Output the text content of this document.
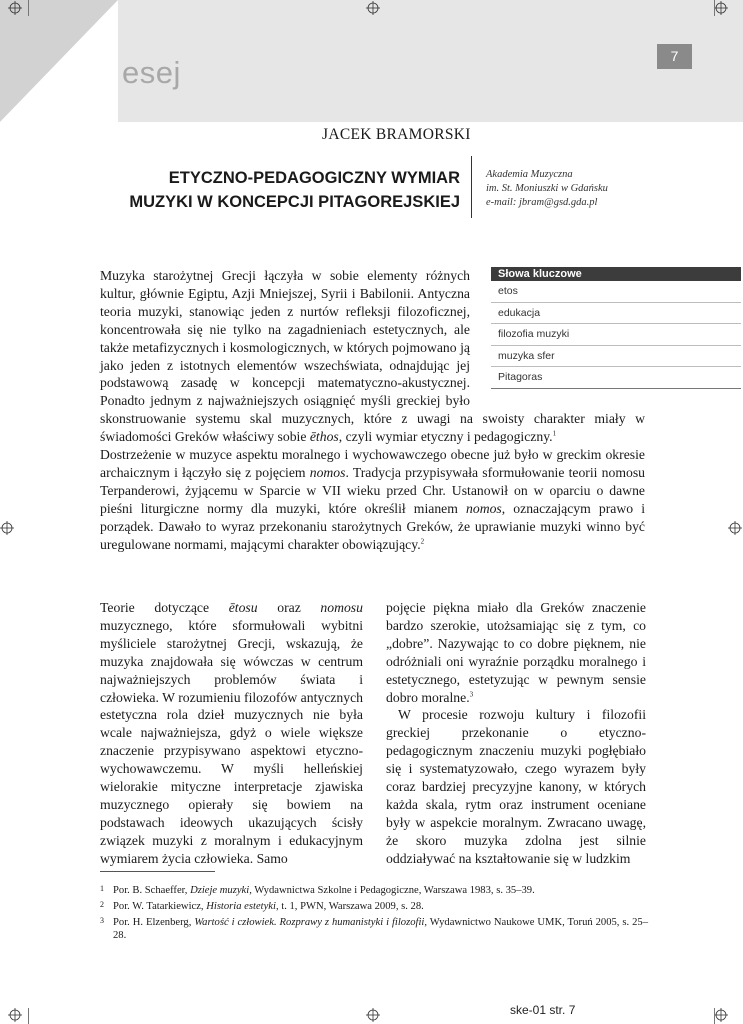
esej	7
JACEK BRAMORSKI
ETYCZNO-PEDAGOGICZNY WYMIAR
MUZYKI W KONCEPCJI PITAGOREJSKIEJ
Akademia Muzyczna
im. St. Moniuszki w Gdańsku
e-mail: jbram@gsd.gda.pl
Słowa kluczowe
etos
edukacja
filozofia muzyki
muzyka sfer
Pitagoras

Muzyka starożytnej Grecji łączyła w sobie elementy różnych kultur, głównie Egiptu, Azji Mniejszej, Syrii i Babilonii. Antyczna teoria muzyki, stanowiąc jeden z nurtów refleksji filozoficznej, koncentrowała się nie tylko na zagadnieniach estetycznych, ale także metafizycznych i kosmologicznych, w których pojmowano ją jako jeden z istotnych elementów wszechświata, odnajdując jej podstawową zasadę w koncepcji matematyczno-akustycznej. Ponadto jednym z najważniejszych osiągnięć myśli greckiej było skonstruowanie systemu skal muzycznych, które z uwagi na swoisty charakter miały w świadomości Greków właściwy sobie ēthos, czyli wymiar etyczny i pedagogiczny.$^1$

Dostrzeżenie w muzyce aspektu moralnego i wychowawczego obecne już było w greckim okresie archaicznym i łączyło się z pojęciem nomos. Tradycja przypisywała sformułowanie teorii nomosu Terpanderowi, żyjącemu w Sparcie w VII wieku przed Chr. Ustanowił on w oparciu o dawne pieśni liturgiczne normy dla muzyki, które określił mianem nomos, oznaczającym prawo i porządek. Dawało to wyraz przekonaniu starożytnych Greków, że uprawianie muzyki winno być uregulowane normami, mającymi charakter obowiązujący.$^2$

Teorie dotyczące ētosu oraz nomosu muzycznego, które sformułowali wybitni myśliciele starożytnej Grecji, wskazują, że muzyka znajdowała się wówczas w centrum najważniejszych problemów świata i człowieka. W rozumieniu filozofów antycznych estetyczna rola dzieł muzycznych nie była wcale najważniejsza, gdyż o wiele większe znaczenie przypisywano aspektowi etyczno-wychowawczemu. W myśli helleńskiej wielorakie mityczne interpretacje zjawiska muzycznego opierały się bowiem na podstawach ideowych ukazujących ścisły związek muzyki z moralnym i edukacyjnym wymiarem życia człowieka. Samo

pojęcie piękna miało dla Greków znaczenie bardzo szerokie, utożsamiając się z tym, co „dobre”. Nazywając to co dobre pięknem, nie odróżniali oni wyraźnie porządku moralnego i estetycznego, estetyzując w pewnym sensie dobro moralne.$^3$

W procesie rozwoju kultury i filozofii greckiej przekonanie o etyczno-pedagogicznym znaczeniu muzyki pogłębiało się i systematyzowało, czego wyrazem były coraz bardziej precyzyjne kanony, w których każda skala, rytm oraz instrument oceniane były w aspekcie moralnym. Zwracano uwagę, że skoro muzyka zdolna jest silnie oddziaływać na kształtowanie się w ludzkim

1 Por. B. Schaeffer, Dzieje muzyki, Wydawnictwa Szkolne i Pedagogiczne, Warszawa 1983, s. 35–39.
2 Por. W. Tatarkiewicz, Historia estetyki, t. 1, PWN, Warszawa 2009, s. 28.
3 Por. H. Elzenberg, Wartość i człowiek. Rozprawy z humanistyki i filozofii, Wydawnictwo Naukowe UMK, Toruń 2005, s. 25–28.
ske-01 str. 7
